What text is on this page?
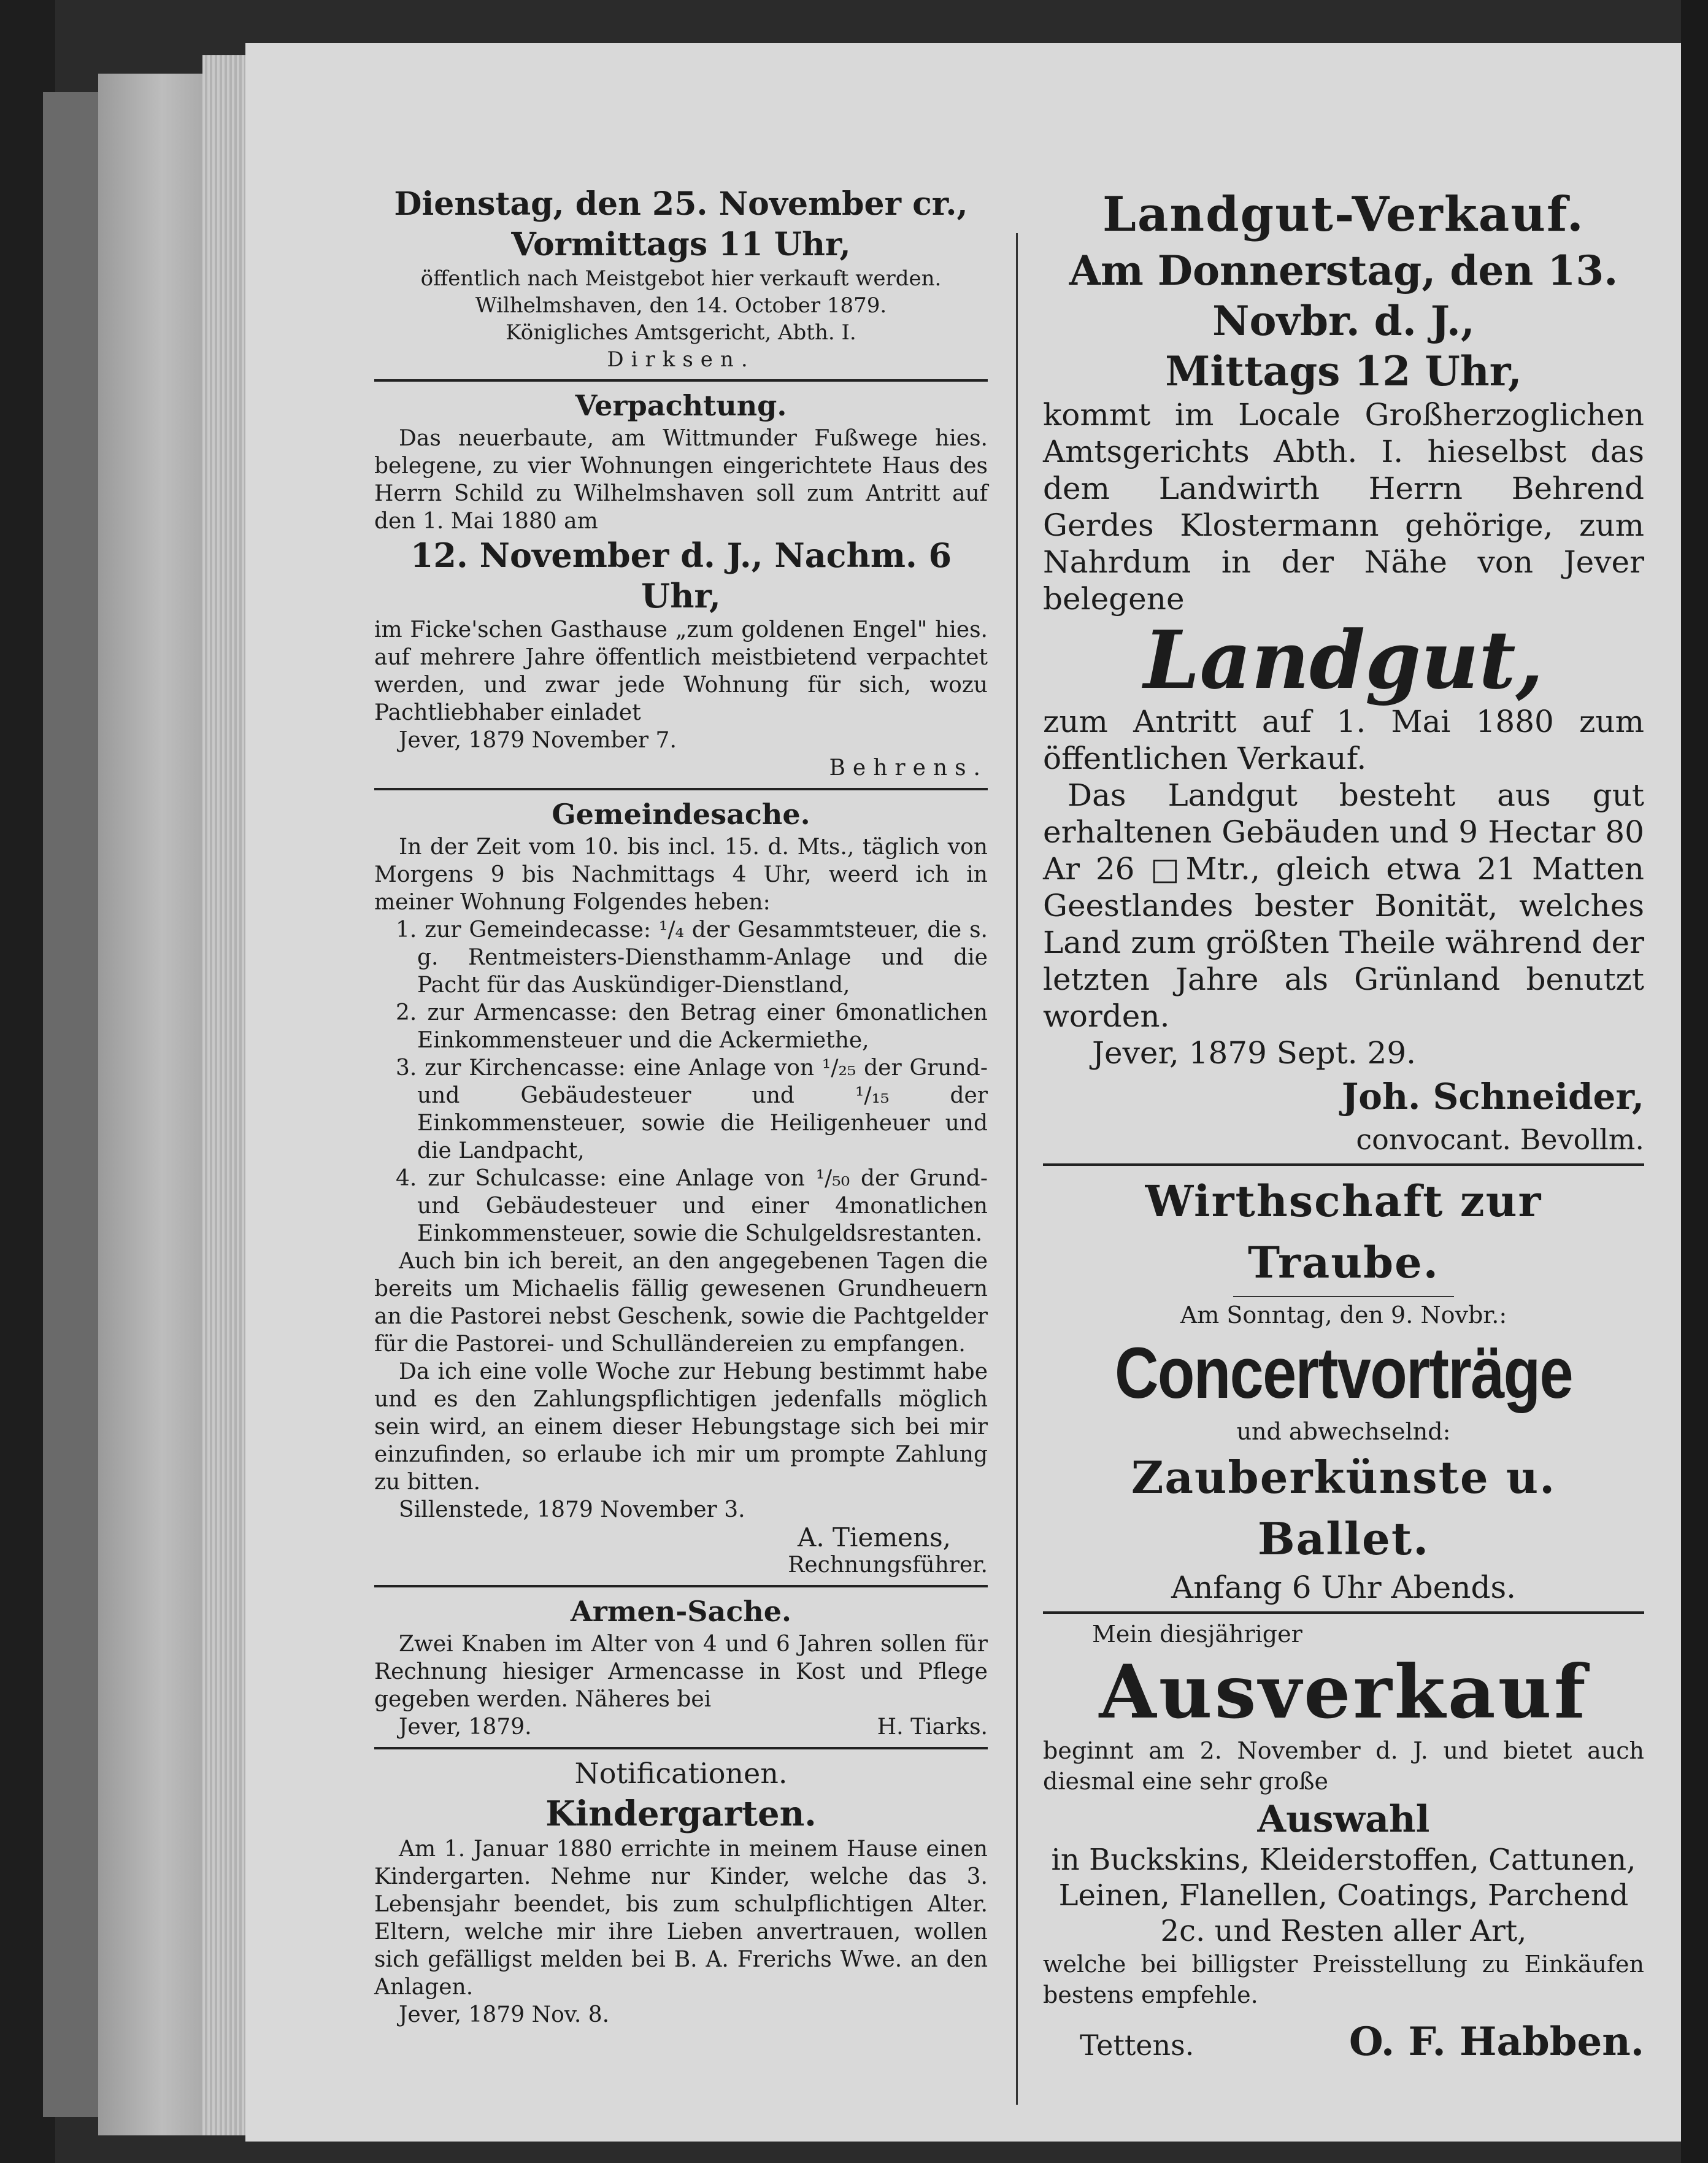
Dienstag, den 25. November cr.,

Vormittags 11 Uhr,

öffentlich nach Meistgebot hier verkauft werden.

Wilhelmshaven, den 14. October 1879.

Königliches Amtsgericht, Abth. I.

Dirksen.

Verpachtung.

Das neuerbaute, am Wittmunder Fußwege hies. belegene, zu vier Wohnungen eingerichtete Haus des Herrn Schild zu Wilhelmshaven soll zum Antritt auf den 1. Mai 1880 am

12. November d. J., Nachm. 6 Uhr,

im Ficke'schen Gasthause „zum goldenen Engel" hies. auf mehrere Jahre öffentlich meistbietend verpachtet werden, und zwar jede Wohnung für sich, wozu Pachtliebhaber einladet

Jever, 1879 November 7.

Behrens.

Gemeindesache.

In der Zeit vom 10. bis incl. 15. d. Mts., täglich von Morgens 9 bis Nachmittags 4 Uhr, weerd ich in meiner Wohnung Folgendes heben:

1. zur Gemeindecasse: ¹/₄ der Gesammtsteuer, die s. g. Rentmeisters-Diensthamm-Anlage und die Pacht für das Auskündiger-Dienstland,

2. zur Armencasse: den Betrag einer 6monatlichen Einkommensteuer und die Ackermiethe,

3. zur Kirchencasse: eine Anlage von ¹/₂₅ der Grund- und Gebäudesteuer und ¹/₁₅ der Einkommensteuer, sowie die Heiligenheuer und die Landpacht,

4. zur Schulcasse: eine Anlage von ¹/₅₀ der Grund- und Gebäudesteuer und einer 4monatlichen Einkommensteuer, sowie die Schulgeldsrestanten.

Auch bin ich bereit, an den angegebenen Tagen die bereits um Michaelis fällig gewesenen Grundheuern an die Pastorei nebst Geschenk, sowie die Pachtgelder für die Pastorei- und Schulländereien zu empfangen.

Da ich eine volle Woche zur Hebung bestimmt habe und es den Zahlungspflichtigen jedenfalls möglich sein wird, an einem dieser Hebungstage sich bei mir einzufinden, so erlaube ich mir um prompte Zahlung zu bitten.

Sillenstede, 1879 November 3.

A. Tiemens,

Rechnungsführer.

Armen-Sache.

Zwei Knaben im Alter von 4 und 6 Jahren sollen für Rechnung hiesiger Armencasse in Kost und Pflege gegeben werden. Näheres bei

Jever, 1879.	H. Tiarks.

Notificationen.

Kindergarten.

Am 1. Januar 1880 errichte in meinem Hause einen Kindergarten. Nehme nur Kinder, welche das 3. Lebensjahr beendet, bis zum schulpflichtigen Alter. Eltern, welche mir ihre Lieben anvertrauen, wollen sich gefälligst melden bei B. A. Frerichs Wwe. an den Anlagen.

Jever, 1879 Nov. 8.

Landgut-Verkauf.

Am Donnerstag, den 13.

Novbr. d. J.,

Mittags 12 Uhr,

kommt im Locale Großherzoglichen Amtsgerichts Abth. I. hieselbst das dem Landwirth Herrn Behrend Gerdes Klostermann gehörige, zum Nahrdum in der Nähe von Jever belegene

Landgut,

zum Antritt auf 1. Mai 1880 zum öffentlichen Verkauf.

Das Landgut besteht aus gut erhaltenen Gebäuden und 9 Hectar 80 Ar 26 □Mtr., gleich etwa 21 Matten Geestlandes bester Bonität, welches Land zum größten Theile während der letzten Jahre als Grünland benutzt worden.

Jever, 1879 Sept. 29.

Joh. Schneider,

convocant. Bevollm.

Wirthschaft zur Traube.

Am Sonntag, den 9. Novbr.:

Concertvorträge

und abwechselnd:

Zauberkünste u. Ballet.

Anfang 6 Uhr Abends.

Mein diesjähriger

Ausverkauf

beginnt am 2. November d. J. und bietet auch diesmal eine sehr große

Auswahl

in Buckskins, Kleiderstoffen, Cattunen, Leinen, Flanellen, Coatings, Parchend 2c. und Resten aller Art,

welche bei billigster Preisstellung zu Einkäufen bestens empfehle.

Tettens.	O. F. Habben.
